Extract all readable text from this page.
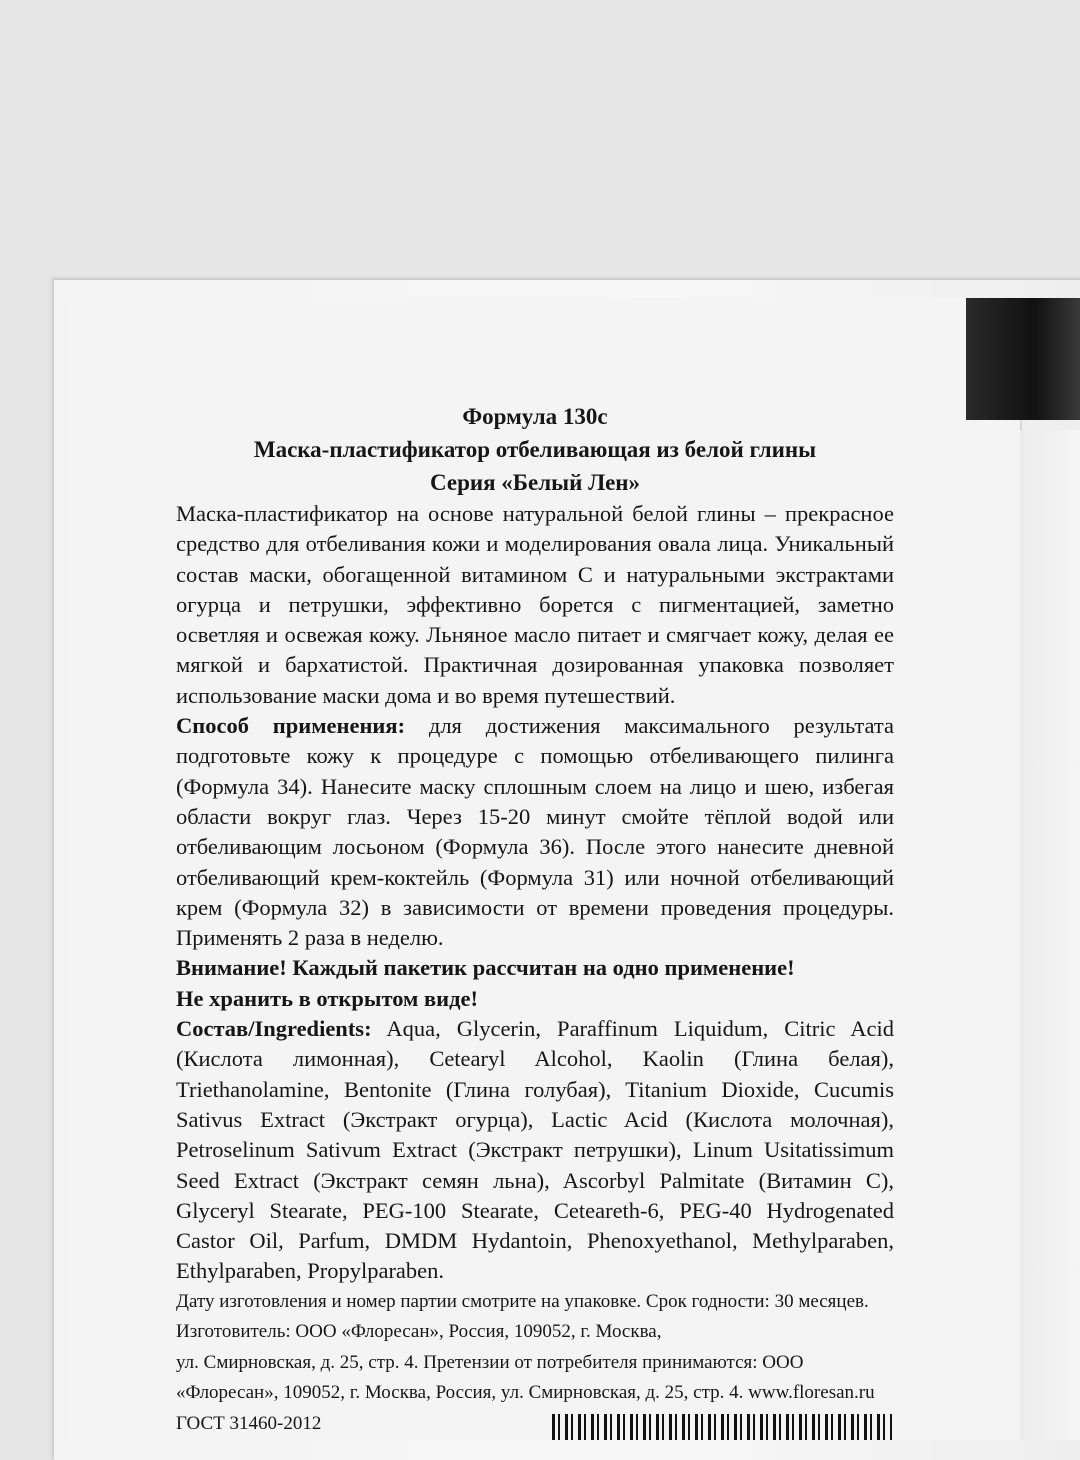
Формула 130c
Маска-пластификатор отбеливающая из белой глины
Серия «Белый Лен»

Маска-пластификатор на основе натуральной белой глины – прекрасное средство для отбеливания кожи и моделирования овала лица. Уникальный состав маски, обогащенной витамином С и натуральными экстрактами огурца и петрушки, эффективно борется с пигментацией, заметно осветляя и освежая кожу. Льняное масло питает и смягчает кожу, делая ее мягкой и бархатистой. Практичная дозированная упаковка позволяет использование маски дома и во время путешествий.

Способ применения: для достижения максимального результата подготовьте кожу к процедуре с помощью отбеливающего пилинга (Формула 34). Нанесите маску сплошным слоем на лицо и шею, избегая области вокруг глаз. Через 15-20 минут смойте тёплой водой или отбеливающим лосьоном (Формула 36). После этого нанесите дневной отбеливающий крем-коктейль (Формула 31) или ночной отбеливающий крем (Формула 32) в зависимости от времени проведения процедуры. Применять 2 раза в неделю.

Внимание! Каждый пакетик рассчитан на одно применение!
Не хранить в открытом виде!

Состав/Ingredients: Aqua, Glycerin, Paraffinum Liquidum, Citric Acid (Кислота лимонная), Cetearyl Alcohol, Kaolin (Глина белая), Triethanolamine, Bentonite (Глина голубая), Titanium Dioxide, Cucumis Sativus Extract (Экстракт огурца), Lactic Acid (Кислота молочная), Petroselinum Sativum Extract (Экстракт петрушки), Linum Usitatissimum Seed Extract (Экстракт семян льна), Ascorbyl Palmitate (Витамин С), Glyceryl Stearate, PEG-100 Stearate, Ceteareth-6, PEG-40 Hydrogenated Castor Oil, Parfum, DMDM Hydantoin, Phenoxyethanol, Methylparaben, Ethylparaben, Propylparaben.

Дату изготовления и номер партии смотрите на упаковке. Срок годности: 30 месяцев.
Изготовитель: ООО «Флоресан», Россия, 109052, г. Москва,
ул. Смирновская, д. 25, стр. 4. Претензии от потребителя принимаются: ООО
«Флоресан», 109052, г. Москва, Россия, ул. Смирновская, д. 25, стр. 4. www.floresan.ru
ГОСТ 31460-2012
